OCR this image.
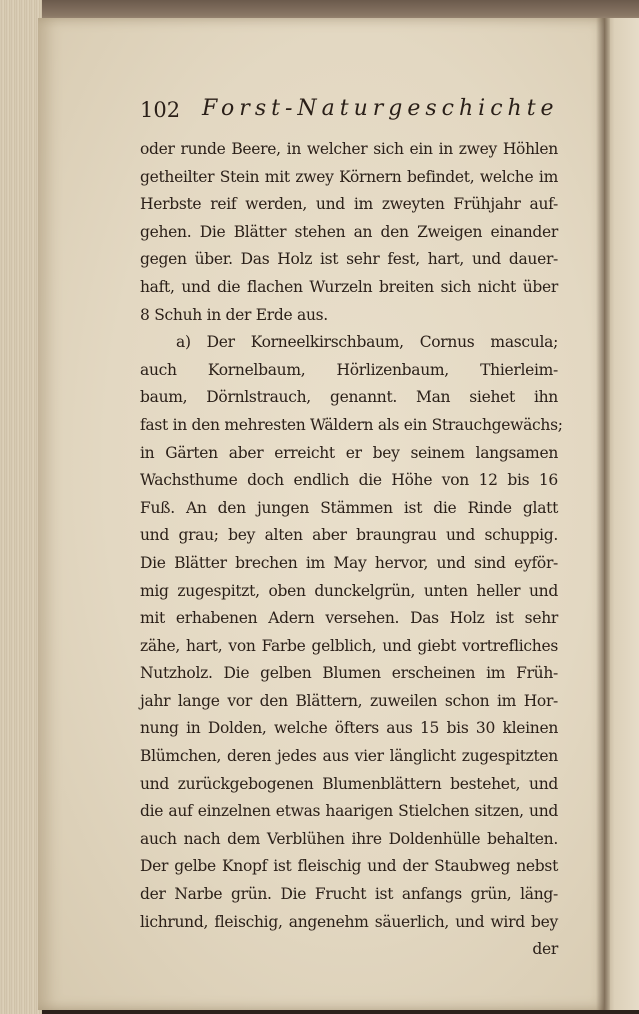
102 Forst-Naturgeschichte
oder runde Beere, in welcher sich ein in zwey Höhlen
getheilter Stein mit zwey Körnern befindet, welche im
Herbste reif werden, und im zweyten Frühjahr auf-
gehen. Die Blätter stehen an den Zweigen einander
gegen über. Das Holz ist sehr fest, hart, und dauer-
haft, und die flachen Wurzeln breiten sich nicht über
8 Schuh in der Erde aus.
a) Der Korneelkirschbaum, Cornus mascula;
auch Kornelbaum, Hörlizenbaum, Thierleim-
baum, Dörnlstrauch, genannt. Man siehet ihn
fast in den mehresten Wäldern als ein Strauchgewächs;
in Gärten aber erreicht er bey seinem langsamen
Wachsthume doch endlich die Höhe von 12 bis 16
Fuß. An den jungen Stämmen ist die Rinde glatt
und grau; bey alten aber braungrau und schuppig.
Die Blätter brechen im May hervor, und sind eyför-
mig zugespitzt, oben dunckelgrün, unten heller und
mit erhabenen Adern versehen. Das Holz ist sehr
zähe, hart, von Farbe gelblich, und giebt vortrefliches
Nutzholz. Die gelben Blumen erscheinen im Früh-
jahr lange vor den Blättern, zuweilen schon im Hor-
nung in Dolden, welche öfters aus 15 bis 30 kleinen
Blümchen, deren jedes aus vier länglicht zugespitzten
und zurückgebogenen Blumenblättern bestehet, und
die auf einzelnen etwas haarigen Stielchen sitzen, und
auch nach dem Verblühen ihre Doldenhülle behalten.
Der gelbe Knopf ist fleischig und der Staubweg nebst
der Narbe grün. Die Frucht ist anfangs grün, läng-
lichrund, fleischig, angenehm säuerlich, und wird bey
der
